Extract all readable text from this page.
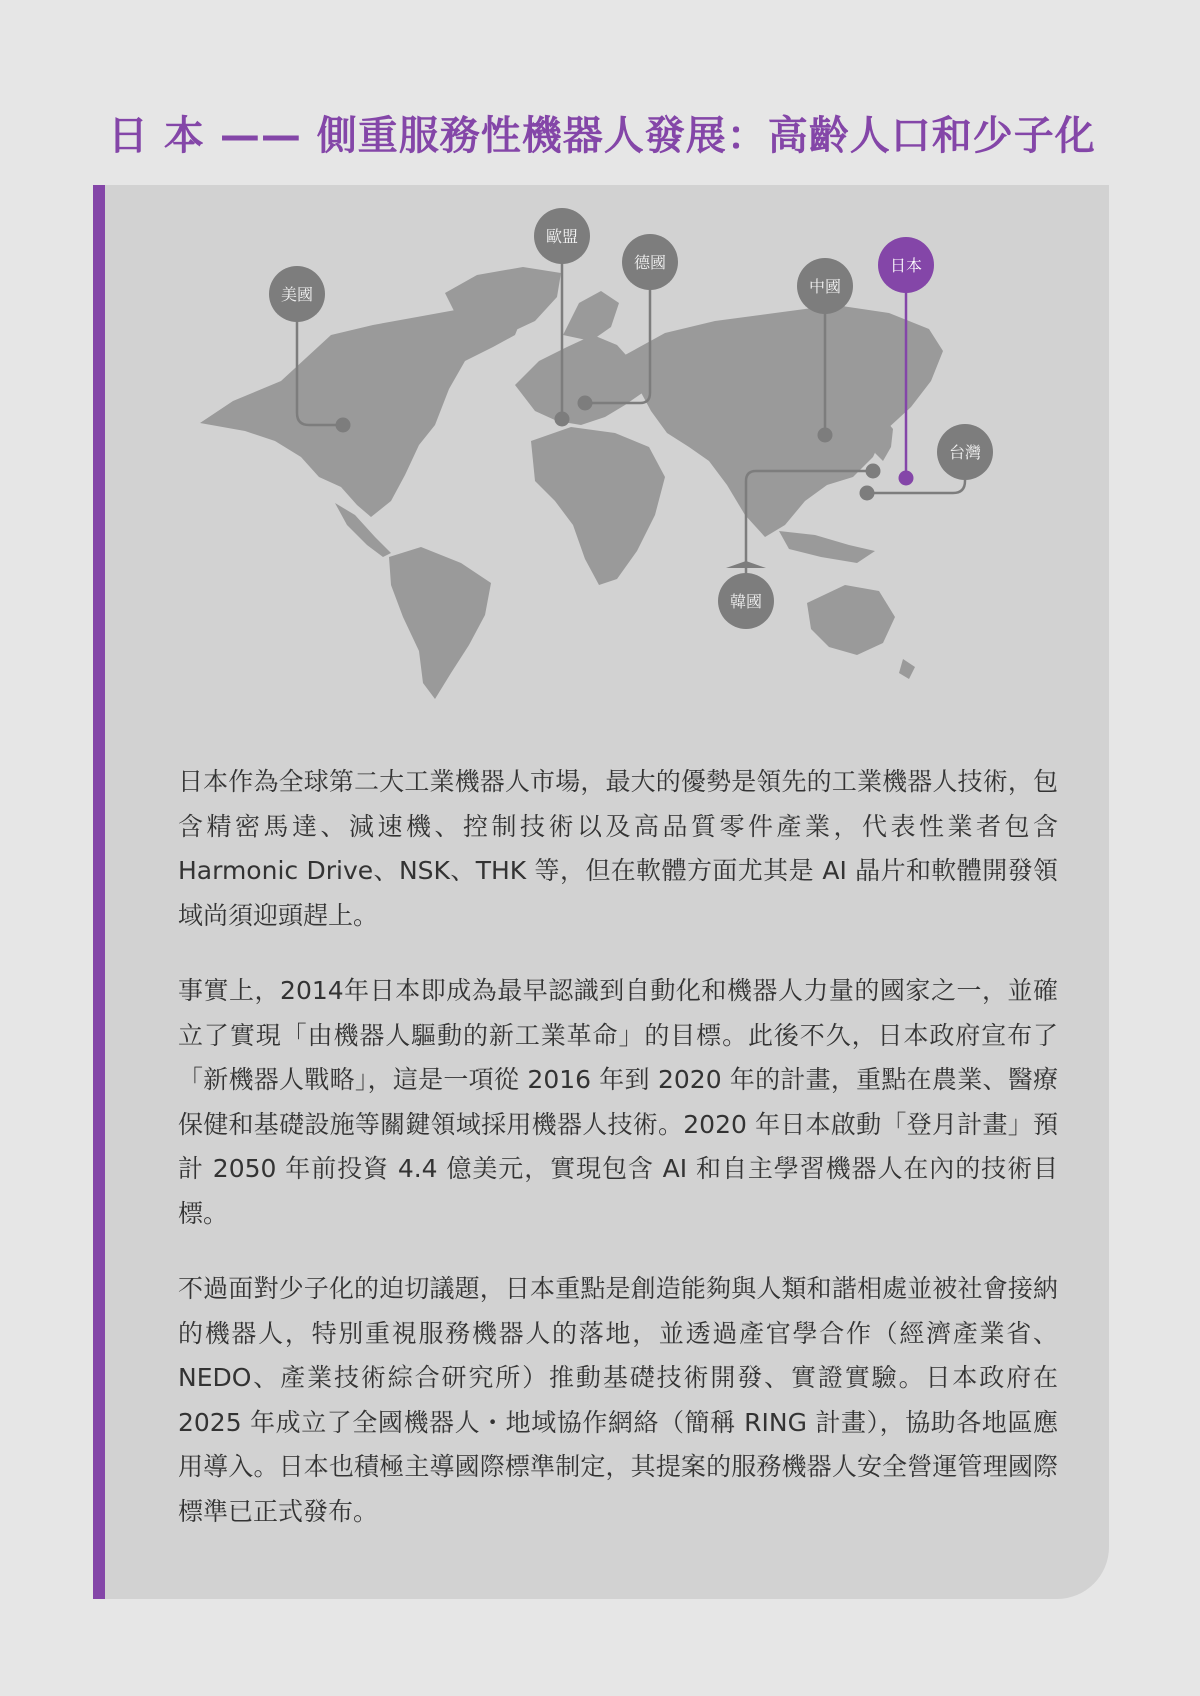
日 本 —— 側重服務性機器人發展：高齡人口和少子化
美國
歐盟
德國
中國
日本
台灣
韓國

日本作為全球第二大工業機器人市場，最大的優勢是領先的工業機器人技術，包含精密馬達、減速機、控制技術以及高品質零件產業，代表性業者包含 Harmonic Drive、NSK、THK 等，但在軟體方面尤其是 AI 晶片和軟體開發領域尚須迎頭趕上。

事實上，2014年日本即成為最早認識到自動化和機器人力量的國家之一，並確立了實現「由機器人驅動的新工業革命」的目標。此後不久，日本政府宣布了「新機器人戰略」，這是一項從 2016 年到 2020 年的計畫，重點在農業、醫療保健和基礎設施等關鍵領域採用機器人技術。2020 年日本啟動「登月計畫」預計 2050 年前投資 4.4 億美元，實現包含 AI 和自主學習機器人在內的技術目標。

不過面對少子化的迫切議題，日本重點是創造能夠與人類和諧相處並被社會接納的機器人，特別重視服務機器人的落地，並透過產官學合作（經濟產業省、NEDO、產業技術綜合研究所）推動基礎技術開發、實證實驗。日本政府在 2025 年成立了全國機器人・地域協作網絡（簡稱 RING 計畫），協助各地區應用導入。日本也積極主導國際標準制定，其提案的服務機器人安全營運管理國際標準已正式發布。
